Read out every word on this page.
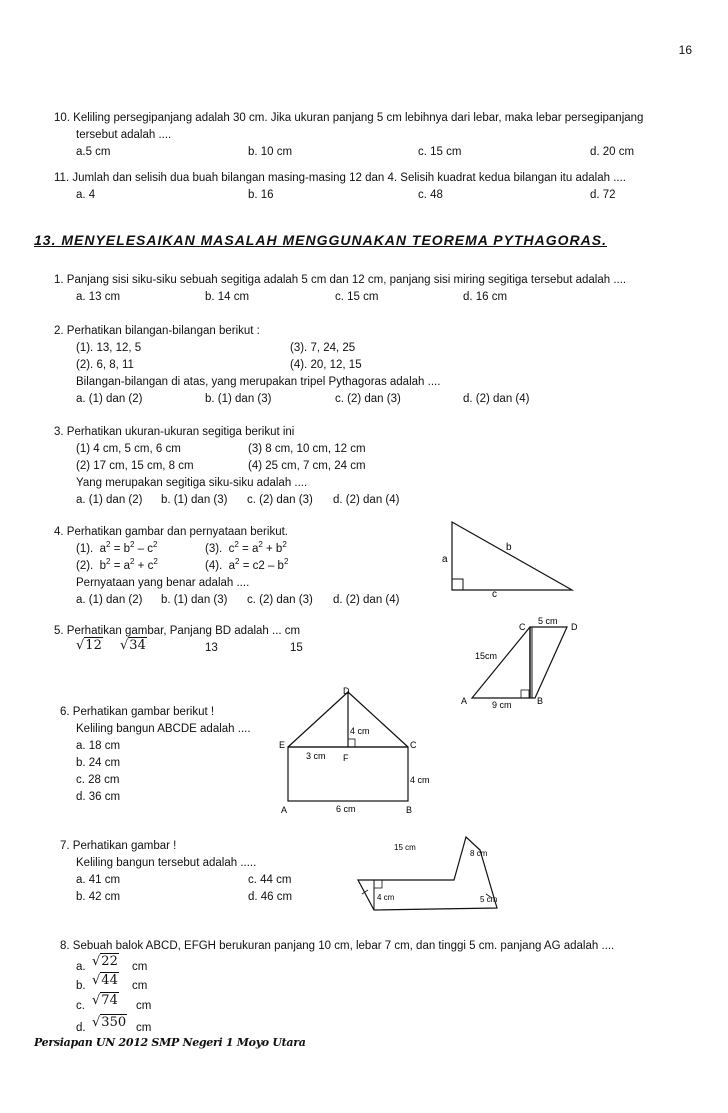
16
10. Keliling persegipanjang adalah 30 cm. Jika ukuran panjang 5 cm lebihnya dari lebar, maka lebar persegipanjang
tersebut adalah ....
a.5 cm	b. 10 cm	c. 15 cm	d. 20 cm
11. Jumlah dan selisih dua buah bilangan masing-masing 12 dan 4. Selisih kuadrat kedua bilangan itu adalah ....
a. 4	b. 16	c. 48	d. 72
13. MENYELESAIKAN MASALAH MENGGUNAKAN TEOREMA PYTHAGORAS.
1. Panjang sisi siku-siku sebuah segitiga adalah 5 cm dan 12 cm, panjang sisi miring segitiga tersebut adalah ....
a. 13 cm	b. 14 cm	c. 15 cm	d. 16 cm
2. Perhatikan bilangan-bilangan berikut :
(1). 13, 12, 5	(3). 7, 24, 25
(2). 6, 8, 11	(4). 20, 12, 15
Bilangan-bilangan di atas, yang merupakan tripel Pythagoras adalah ....
a. (1) dan (2)	b. (1) dan (3)	c. (2) dan (3)	d. (2) dan (4)
3. Perhatikan ukuran-ukuran segitiga berikut ini
(1) 4 cm, 5 cm, 6 cm	(3) 8 cm, 10 cm, 12 cm
(2) 17 cm, 15 cm, 8 cm	(4) 25 cm, 7 cm, 24 cm
Yang merupakan segitiga siku-siku adalah ....
a. (1) dan (2) b. (1) dan (3) c. (2) dan (3) d. (2) dan (4)
4. Perhatikan gambar dan pernyataan berikut.
(1).  $a^2 = b^2 - c^2$	(3).  $c^2 = a^2 + b^2$
(2).  $b^2 = a^2 + c^2$	(4).  $a^2 = c2 - b^2$
Pernyataan yang benar adalah ....
a. (1) dan (2) b. (1) dan (3) c. (2) dan (3) d. (2) dan (4)
a
b
c
5. Perhatikan gambar, Panjang BD adalah ... cm
√12 √34	13	15
5 cm
C	D
15cm
A	B
9 cm
6. Perhatikan gambar berikut !
Keliling bangun ABCDE adalah ....
a. 18 cm
b. 24 cm
c. 28 cm
d. 36 cm
D
E	C
F
4 cm
3 cm
4 cm
A	B
6 cm
7. Perhatikan gambar !
Keliling bangun tersebut adalah .....
a. 41 cm	c. 44 cm
b. 42 cm	d. 46 cm
15 cm
8 cm
4 cm	5 cm
8. Sebuah balok ABCD, EFGH berukuran panjang 10 cm, lebar 7 cm, dan tinggi 5 cm. panjang AG adalah ....
a. √22 cm
b. √44 cm
c. √74 cm
d. √350 cm
Persiapan UN 2012 SMP Negeri 1 Moyo Utara
